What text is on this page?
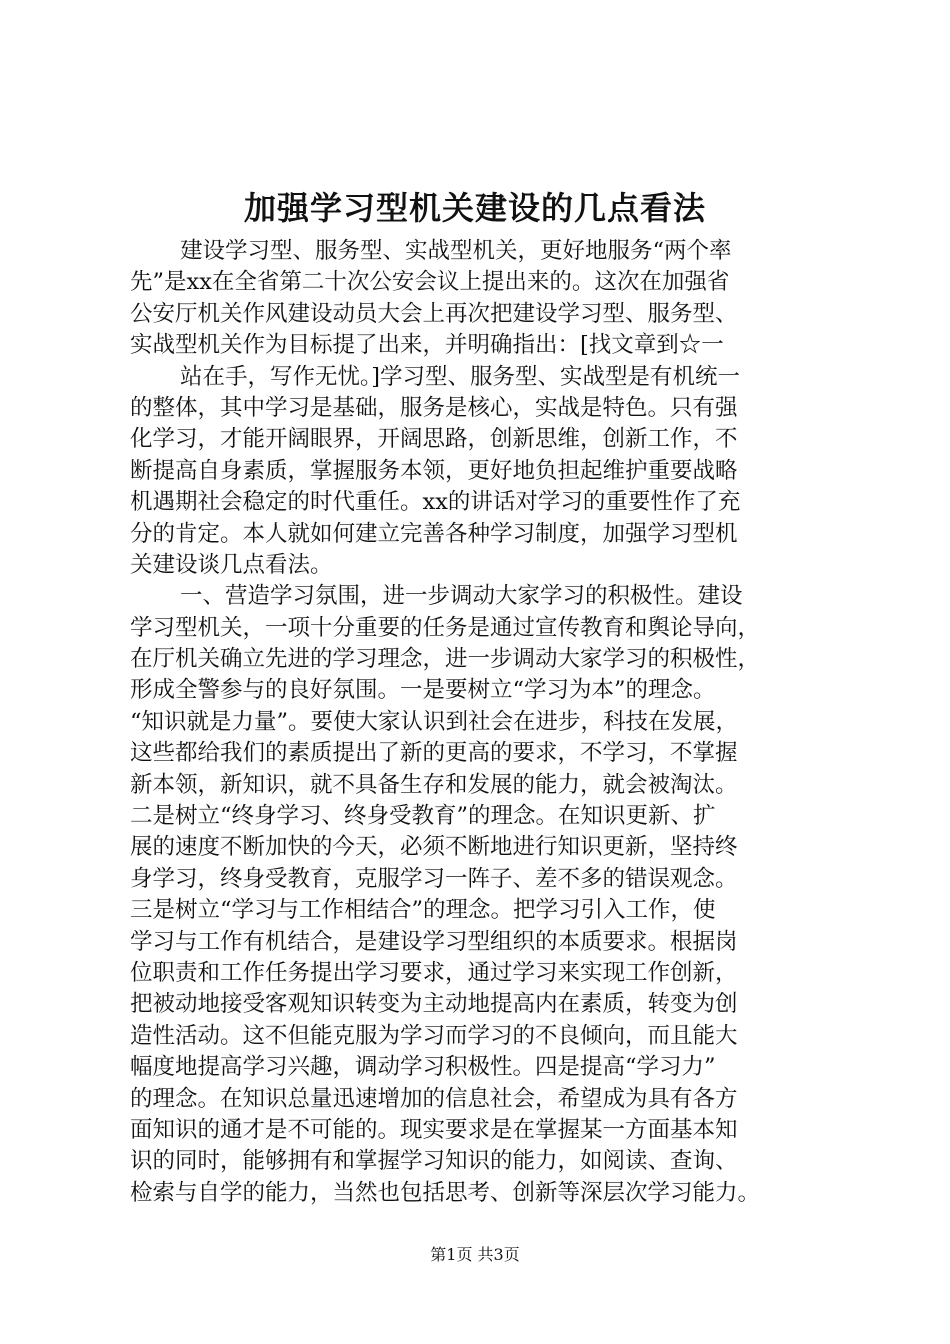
加强学习型机关建设的几点看法
建设学习型、服务型、实战型机关，更好地服务“两个率
先”是xx在全省第二十次公安会议上提出来的。这次在加强省
公安厅机关作风建设动员大会上再次把建设学习型、服务型、
实战型机关作为目标提了出来，并明确指出：[找文章到☆一
站在手，写作无忧。]学习型、服务型、实战型是有机统一
的整体，其中学习是基础，服务是核心，实战是特色。只有强
化学习，才能开阔眼界，开阔思路，创新思维，创新工作，不
断提高自身素质，掌握服务本领，更好地负担起维护重要战略
机遇期社会稳定的时代重任。xx的讲话对学习的重要性作了充
分的肯定。本人就如何建立完善各种学习制度，加强学习型机
关建设谈几点看法。
一、营造学习氛围，进一步调动大家学习的积极性。建设
学习型机关，一项十分重要的任务是通过宣传教育和舆论导向，
在厅机关确立先进的学习理念，进一步调动大家学习的积极性，
形成全警参与的良好氛围。一是要树立“学习为本”的理念。
“知识就是力量”。要使大家认识到社会在进步，科技在发展，
这些都给我们的素质提出了新的更高的要求，不学习，不掌握
新本领，新知识，就不具备生存和发展的能力，就会被淘汰。
二是树立“终身学习、终身受教育”的理念。在知识更新、扩
展的速度不断加快的今天，必须不断地进行知识更新，坚持终
身学习，终身受教育，克服学习一阵子、差不多的错误观念。
三是树立“学习与工作相结合”的理念。把学习引入工作，使
学习与工作有机结合，是建设学习型组织的本质要求。根据岗
位职责和工作任务提出学习要求，通过学习来实现工作创新，
把被动地接受客观知识转变为主动地提高内在素质，转变为创
造性活动。这不但能克服为学习而学习的不良倾向，而且能大
幅度地提高学习兴趣，调动学习积极性。四是提高“学习力”
的理念。在知识总量迅速增加的信息社会，希望成为具有各方
面知识的通才是不可能的。现实要求是在掌握某一方面基本知
识的同时，能够拥有和掌握学习知识的能力，如阅读、查询、
检索与自学的能力，当然也包括思考、创新等深层次学习能力。
第1页 共3页
